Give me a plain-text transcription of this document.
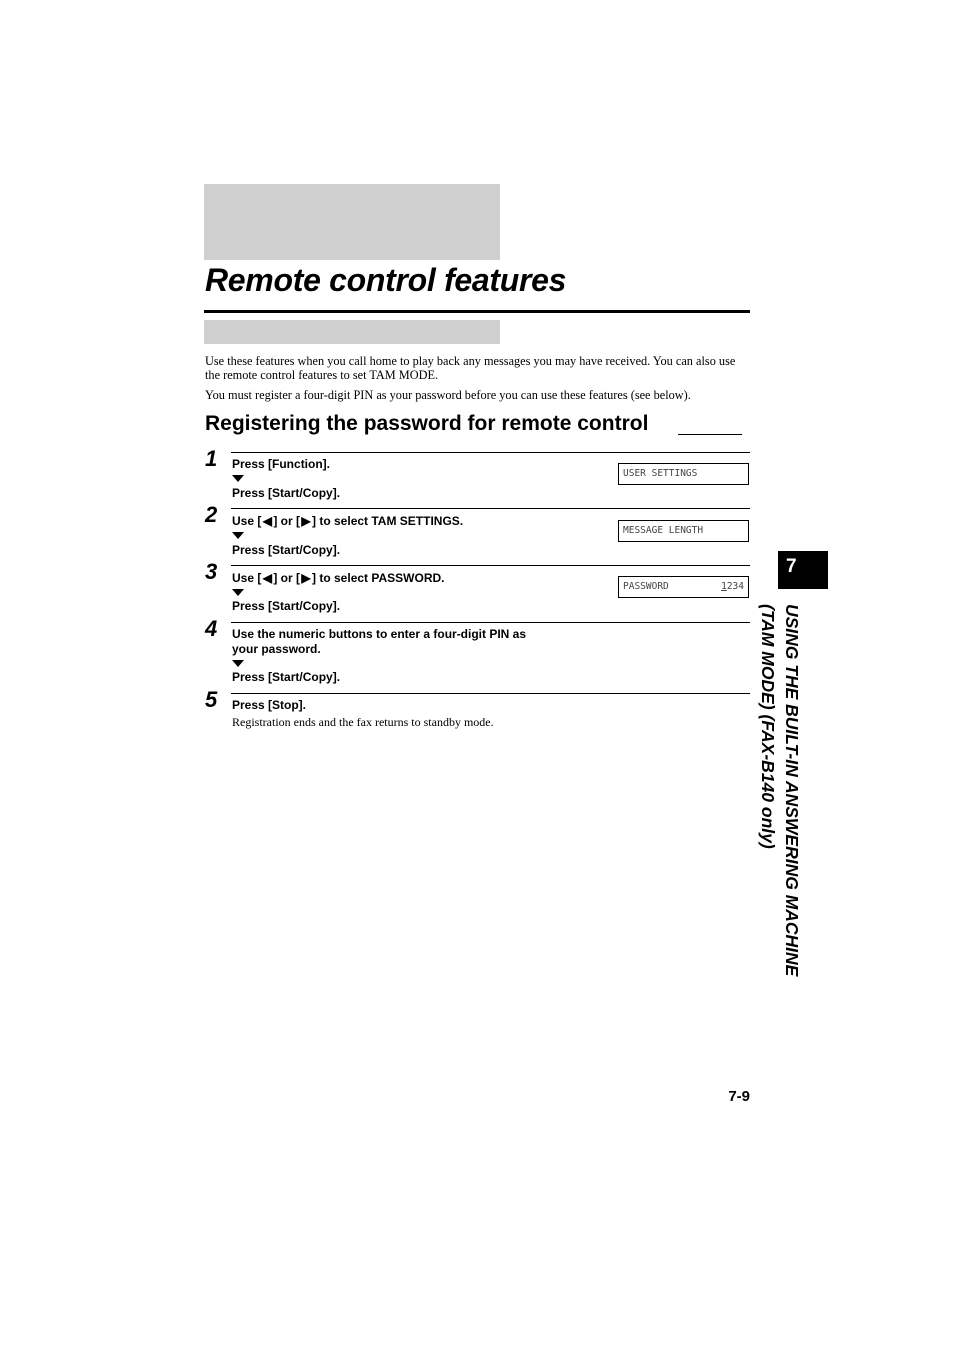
Remote control features
Use these features when you call home to play back any messages you may have received. You can also use the remote control features to set TAM MODE.
You must register a four-digit PIN as your password before you can use these features (see below).
Registering the password for remote control
1 Press [Function].
Press [Start/Copy].
USER SETTINGS
2 Use [◀] or [▶] to select TAM SETTINGS.
Press [Start/Copy].
MESSAGE LENGTH
3 Use [◀] or [▶] to select PASSWORD.
Press [Start/Copy].
PASSWORD	1234
4 Use the numeric buttons to enter a four-digit PIN as your password.
Press [Start/Copy].
5 Press [Stop].
Registration ends and the fax returns to standby mode.
7
USING THE BUILT-IN ANSWERING MACHINE
(TAM MODE) (FAX-B140 only)
7-9
